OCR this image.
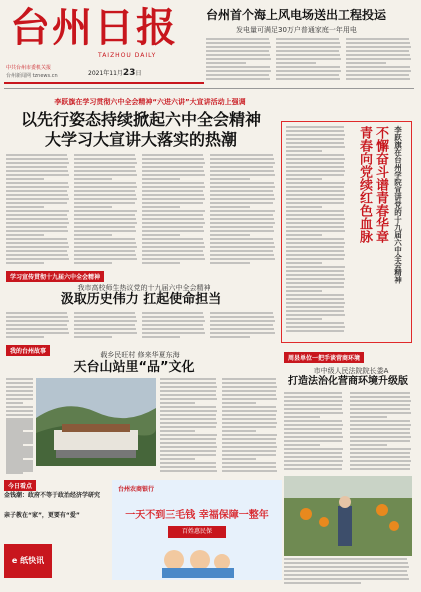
台州日报
TAIZHOU DAILY
中共台州市委机关报
台州新闻网 tznews.cn	2021年11月23日
台州首个海上风电场送出工程投运
发电量可满足30万户普通家庭一年用电
李跃旗在学习贯彻六中全会精神“六进六讲”大宣讲活动上强调
以先行姿态持续掀起六中全会精神
大学习大宣讲大落实的热潮
学习宣传贯彻十九届六中全会精神
我市高校师生热议党的十九届六中全会精神
汲取历史伟力 扛起使命担当
青春向党续红色血脉 不懈奋斗谱青春华章 李跃旗在台州学院宣讲党的十九届六中全会精神
我的台州故事	载乡民旺村 修来华夏东海
天台山站里“品”文化
周县单位一把手谈营商环境
市中级人民法院院长娄A
打造法治化营商环境升级版
今日看点
金钱潮：政府不等于政治经济学研究
亲子教在“家”，更要有“爱”
e 纸快讯
台州农商银行
一天不到三毛钱 幸福保障一整年
百姓惠民保
